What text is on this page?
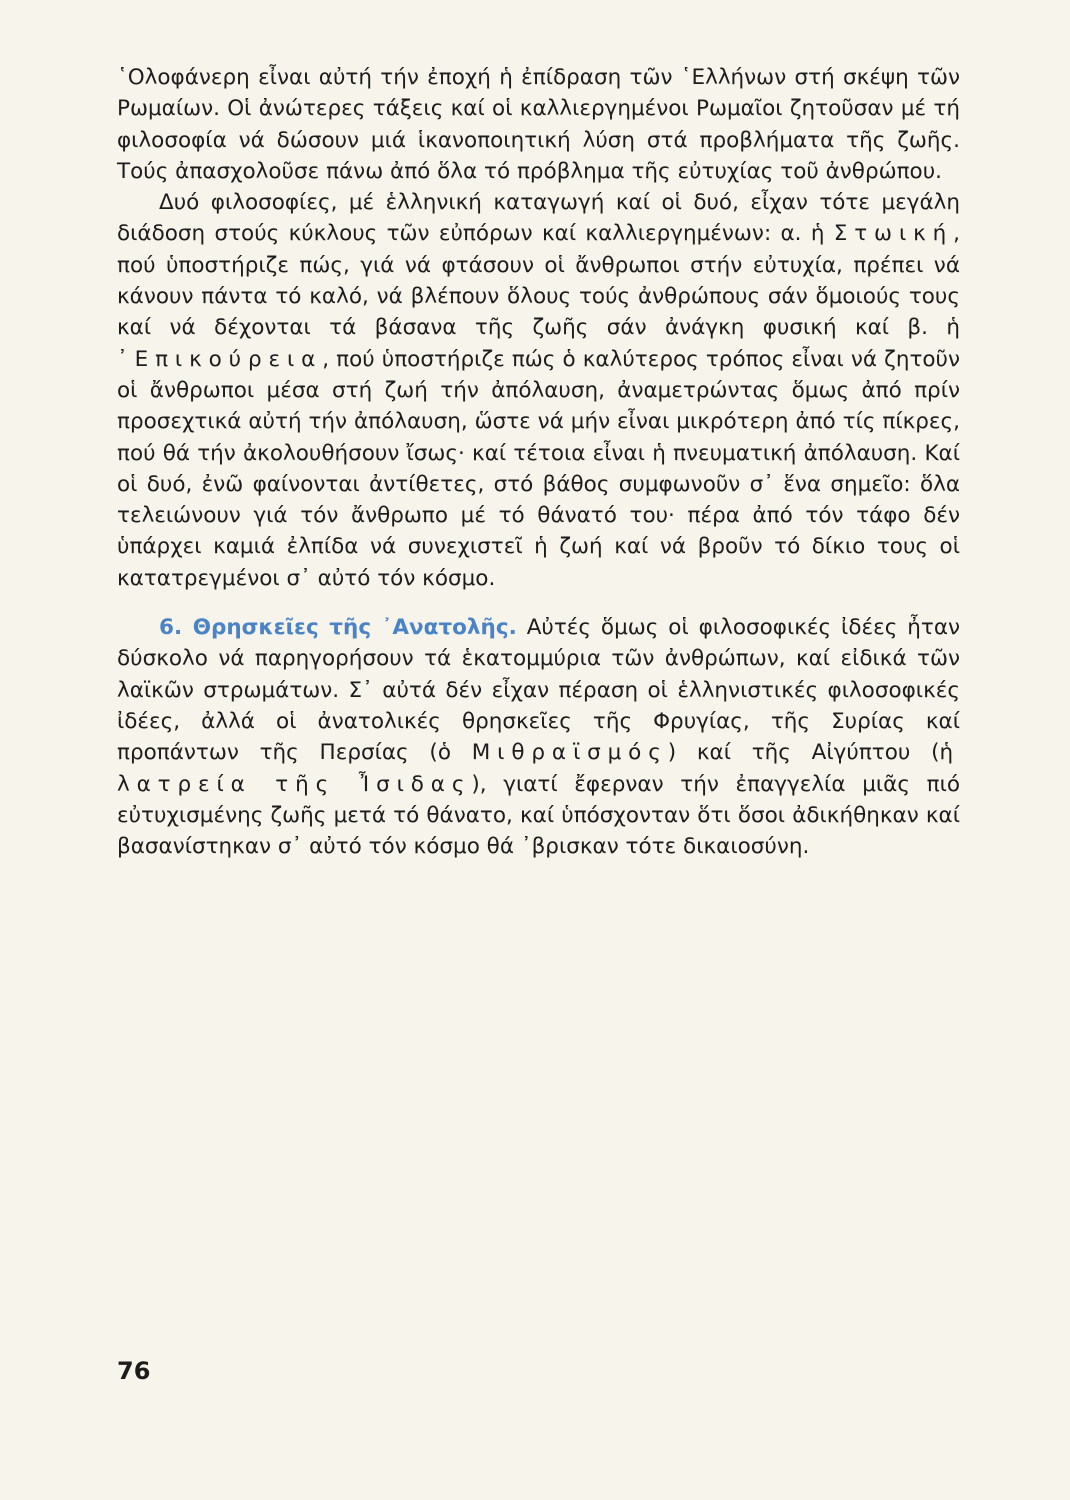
῾Ολοφάνερη εἶναι αὐτή τήν ἐποχή ἡ ἐπίδραση τῶν ῾Ελλήνων στή σκέψη τῶν Ρωμαίων. Οἱ ἀνώτερες τάξεις καί οἱ καλλιεργημένοι Ρωμαῖοι ζητοῦσαν μέ τή φιλοσοφία νά δώσουν μιά ἱκανοποιητική λύση στά προβλήματα τῆς ζωῆς. Τούς ἀπασχολοῦσε πάνω ἀπό ὅλα τό πρόβλημα τῆς εὐτυχίας τοῦ ἀνθρώπου.

Δυό φιλοσοφίες, μέ ἑλληνική καταγωγή καί οἱ δυό, εἶχαν τότε μεγάλη διάδοση στούς κύκλους τῶν εὐπόρων καί καλλιεργημένων: α. ἡ Στωική, πού ὑποστήριζε πώς, γιά νά φτάσουν οἱ ἄνθρωποι στήν εὐτυχία, πρέπει νά κάνουν πάντα τό καλό, νά βλέπουν ὅλους τούς ἀνθρώπους σάν ὅμοιούς τους καί νά δέχονται τά βάσανα τῆς ζωῆς σάν ἀνάγκη φυσική καί β. ἡ ᾿Επικούρεια, πού ὑποστήριζε πώς ὁ καλύτερος τρόπος εἶναι νά ζητοῦν οἱ ἄνθρωποι μέσα στή ζωή τήν ἀπόλαυση, ἀναμετρώντας ὅμως ἀπό πρίν προσεχτικά αὐτή τήν ἀπόλαυση, ὥστε νά μήν εἶναι μικρότερη ἀπό τίς πίκρες, πού θά τήν ἀκολουθήσουν ἴσως· καί τέτοια εἶναι ἡ πνευματική ἀπόλαυση. Καί οἱ δυό, ἐνῶ φαίνονται ἀντίθετες, στό βάθος συμφωνοῦν σ᾿ ἕνα σημεῖο: ὅλα τελειώνουν γιά τόν ἄνθρωπο μέ τό θάνατό του· πέρα ἀπό τόν τάφο δέν ὑπάρχει καμιά ἐλπίδα νά συνεχιστεῖ ἡ ζωή καί νά βροῦν τό δίκιο τους οἱ κατατρεγμένοι σ᾿ αὐτό τόν κόσμο.

6. Θρησκεῖες τῆς ᾿Ανατολῆς. Αὐτές ὅμως οἱ φιλοσοφικές ἰδέες ἦταν δύσκολο νά παρηγορήσουν τά ἑκατομμύρια τῶν ἀνθρώπων, καί εἰδικά τῶν λαϊκῶν στρωμάτων. Σ᾿ αὐτά δέν εἶχαν πέραση οἱ ἑλληνιστικές φιλοσοφικές ἰδέες, ἀλλά οἱ ἀνατολικές θρησκεῖες τῆς Φρυγίας, τῆς Συρίας καί προπάντων τῆς Περσίας (ὁ Μιθραϊσμός) καί τῆς Αἰγύπτου (ἡ λατρεία τῆς Ἶσιδας), γιατί ἔφερναν τήν ἐπαγγελία μιᾶς πιό εὐτυχισμένης ζωῆς μετά τό θάνατο, καί ὑπόσχονταν ὅτι ὅσοι ἀδικήθηκαν καί βασανίστηκαν σ᾿ αὐτό τόν κόσμο θά ᾿βρισκαν τότε δικαιοσύνη.

76
